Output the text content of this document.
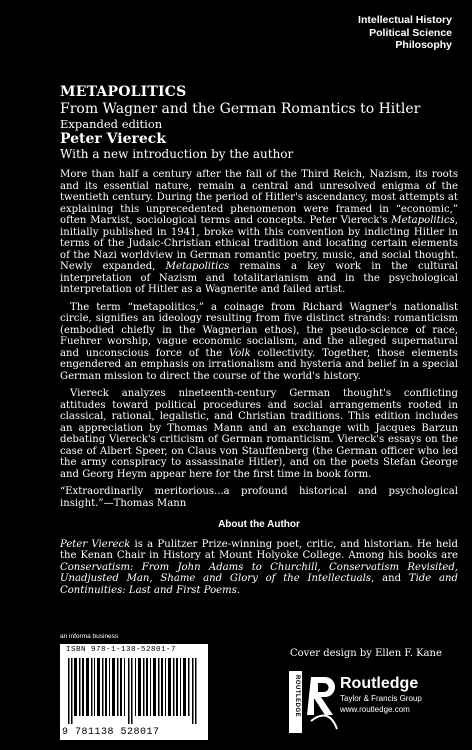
Intellectual History
Political Science
Philosophy
METAPOLITICS
From Wagner and the German Romantics to Hitler
Expanded edition
Peter Viereck
With a new introduction by the author

More than half a century after the fall of the Third Reich, Nazism, its roots and its essential nature, remain a central and unresolved enigma of the twentieth century. During the period of Hitler's ascendancy, most attempts at explaining this unprecedented phenomenon were framed in “economic,” often Marxist, sociological terms and concepts. Peter Viereck's Metapolitics, initially published in 1941, broke with this convention by indicting Hitler in terms of the Judaic-Christian ethical tradition and locating certain elements of the Nazi worldview in German romantic poetry, music, and social thought. Newly expanded, Metapolitics remains a key work in the cultural interpretation of Nazism and totalitarianism and in the psychological interpretation of Hitler as a Wagnerite and failed artist.

The term “metapolitics,” a coinage from Richard Wagner's nationalist circle, signifies an ideology resulting from five distinct strands: romanticism (embodied chiefly in the Wagnerian ethos), the pseudo-science of race, Fuehrer worship, vague economic socialism, and the alleged supernatural and unconscious force of the Volk collectivity. Together, those elements engendered an emphasis on irrationalism and hysteria and belief in a special German mission to direct the course of the world's history.

Viereck analyzes nineteenth-century German thought's conflicting attitudes toward political procedures and social arrangements rooted in classical, rational, legalistic, and Christian traditions. This edition includes an appreciation by Thomas Mann and an exchange with Jacques Barzun debating Viereck's criticism of German romanticism. Viereck's essays on the case of Albert Speer, on Claus von Stauffenberg (the German officer who led the army conspiracy to assassinate Hitler), and on the poets Stefan George and Georg Heym appear here for the first time in book form.

“Extraordinarily meritorious...a profound historical and psychological insight.”—Thomas Mann

About the Author

Peter Viereck is a Pulitzer Prize-winning poet, critic, and historian. He held the Kenan Chair in History at Mount Holyoke College. Among his books are Conservatism: From John Adams to Churchill, Conservatism Revisited, Unadjusted Man, Shame and Glory of the Intellectuals, and Tide and Continuities: Last and First Poems.

an informa business
ISBN 978-1-138-52801-7
9 781138 528017
Cover design by Ellen F. Kane
ROUTLEDGE	Routledge
Taylor & Francis Group
www.routledge.com
